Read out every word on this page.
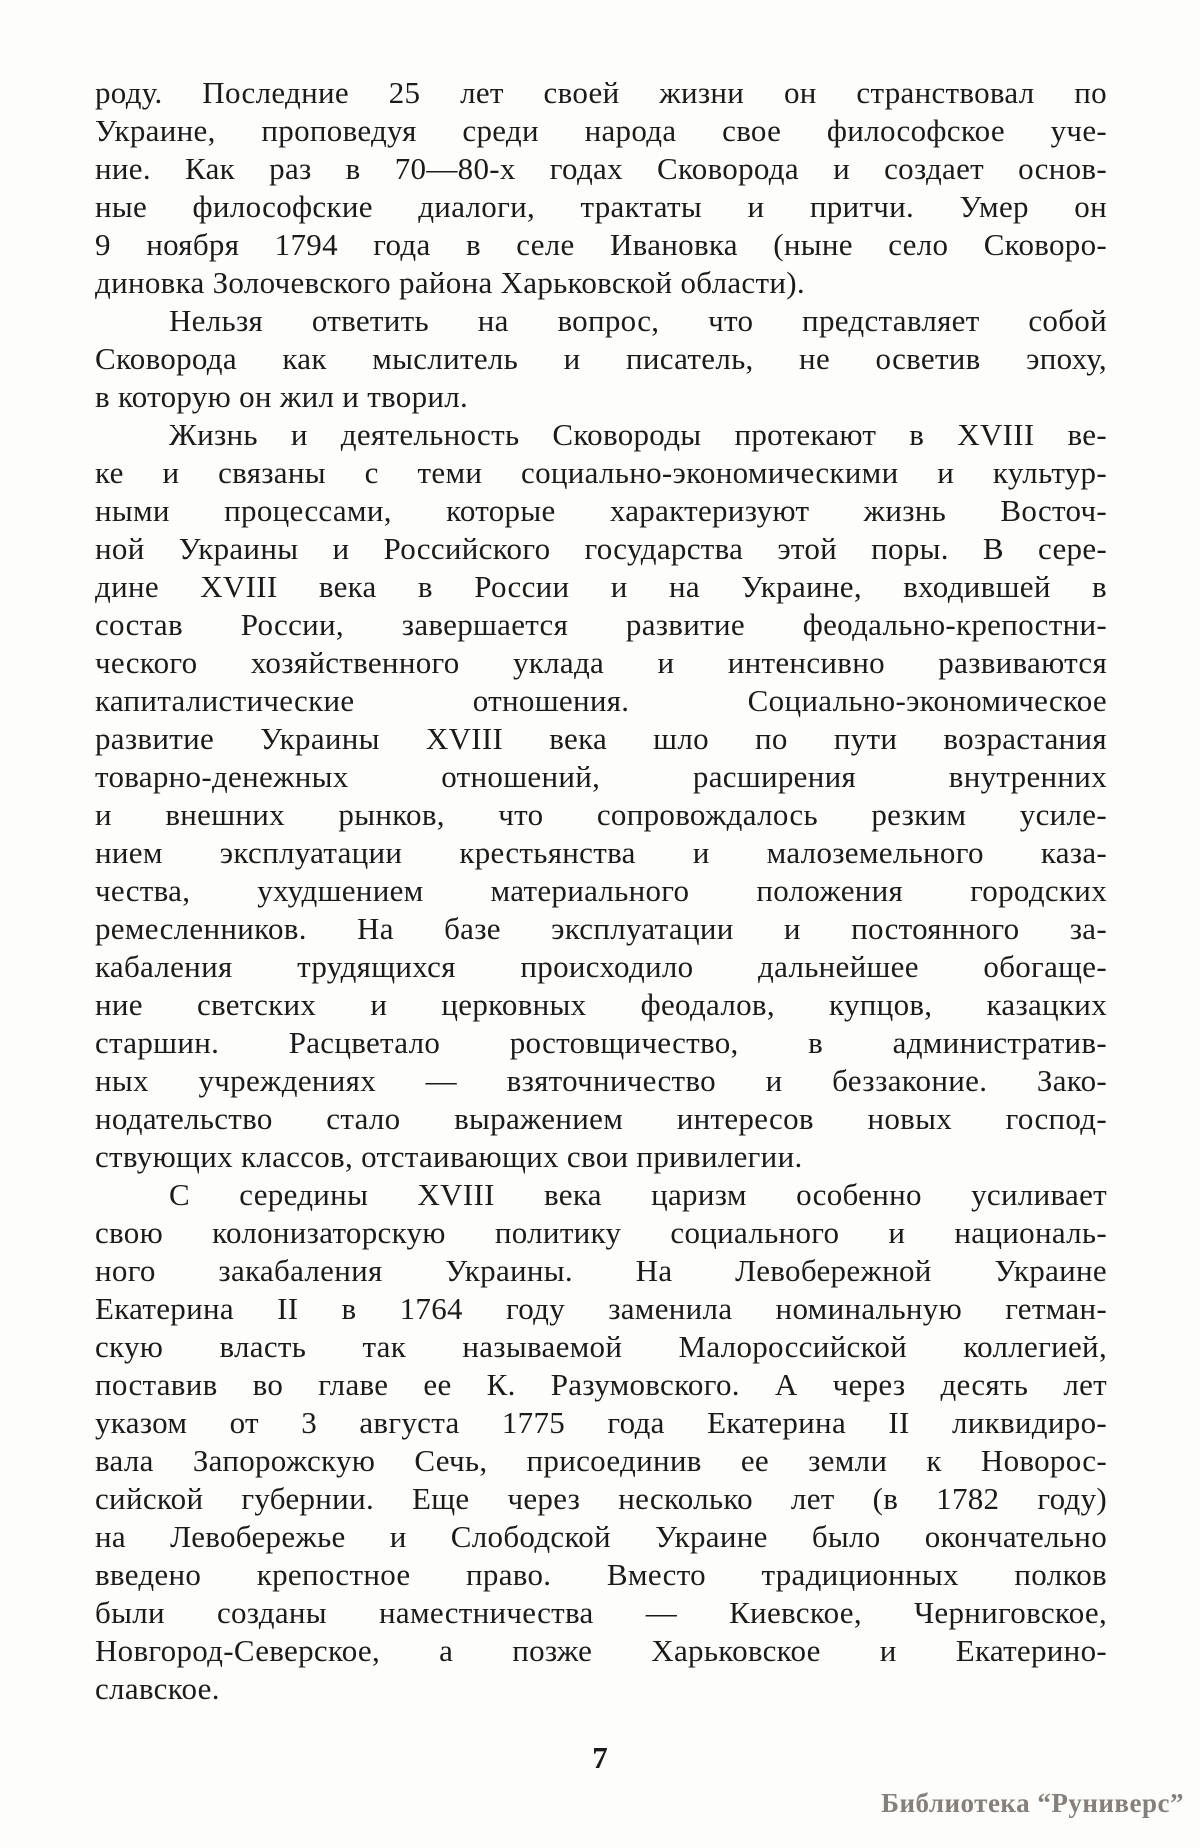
роду. Последние 25 лет своей жизни он странствовал по
Украине, проповедуя среди народа свое философское уче-
ние. Как раз в 70—80-х годах Сковорода и создает основ-
ные философские диалоги, трактаты и притчи. Умер он
9 ноября 1794 года в селе Ивановка (ныне село Сковоро-
диновка Золочевского района Харьковской области).
Нельзя ответить на вопрос, что представляет собой
Сковорода как мыслитель и писатель, не осветив эпоху,
в которую он жил и творил.
Жизнь и деятельность Сковороды протекают в XVIII ве-
ке и связаны с теми социально-экономическими и культур-
ными процессами, которые характеризуют жизнь Восточ-
ной Украины и Российского государства этой поры. В сере-
дине XVIII века в России и на Украине, входившей в
состав России, завершается развитие феодально-крепостни-
ческого хозяйственного уклада и интенсивно развиваются
капиталистические отношения. Социально-экономическое
развитие Украины XVIII века шло по пути возрастания
товарно-денежных отношений, расширения внутренних
и внешних рынков, что сопровождалось резким усиле-
нием эксплуатации крестьянства и малоземельного каза-
чества, ухудшением материального положения городских
ремесленников. На базе эксплуатации и постоянного за-
кабаления трудящихся происходило дальнейшее обогаще-
ние светских и церковных феодалов, купцов, казацких
старшин. Расцветало ростовщичество, в административ-
ных учреждениях — взяточничество и беззаконие. Зако-
нодательство стало выражением интересов новых господ-
ствующих классов, отстаивающих свои привилегии.
С середины XVIII века царизм особенно усиливает
свою колонизаторскую политику социального и националь-
ного закабаления Украины. На Левобережной Украине
Екатерина II в 1764 году заменила номинальную гетман-
скую власть так называемой Малороссийской коллегией,
поставив во главе ее К. Разумовского. А через десять лет
указом от 3 августа 1775 года Екатерина II ликвидиро-
вала Запорожскую Сечь, присоединив ее земли к Новорос-
сийской губернии. Еще через несколько лет (в 1782 году)
на Левобережье и Слободской Украине было окончательно
введено крепостное право. Вместо традиционных полков
были созданы наместничества — Киевское, Черниговское,
Новгород-Северское, а позже Харьковское и Екатерино-
славское.
7
Библиотека “Руниверс”
